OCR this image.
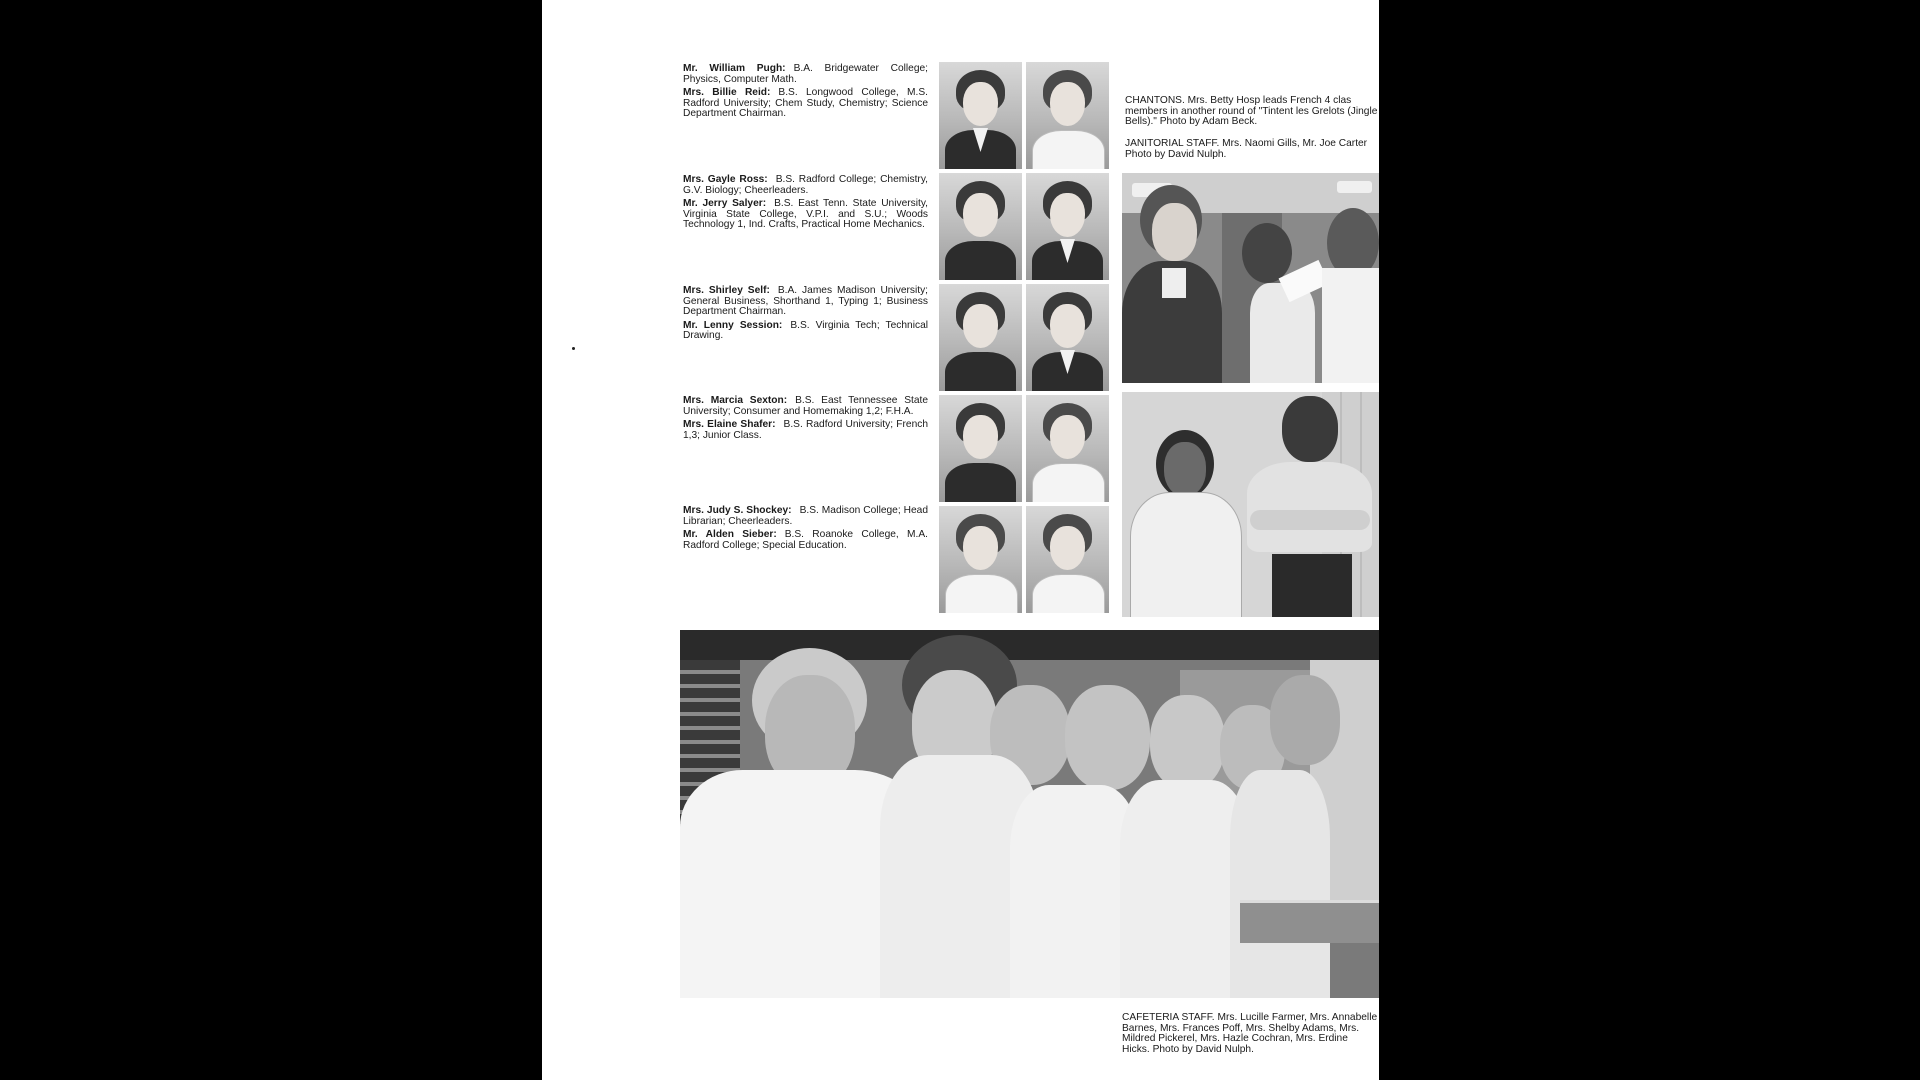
Mr. William Pugh: B.A. Bridgewater College; Physics, Computer Math.

Mrs. Billie Reid: B.S. Longwood College, M.S. Radford University; Chem Study, Chemistry; Science Department Chairman.

Mrs. Gayle Ross: B.S. Radford College; Chemistry, G.V. Biology; Cheerleaders.

Mr. Jerry Salyer: B.S. East Tenn. State University, Virginia State College, V.P.I. and S.U.; Woods Technology 1, Ind. Crafts, Practical Home Mechanics.

Mrs. Shirley Self: B.A. James Madison University; General Business, Shorthand 1, Typing 1; Business Department Chairman.

Mr. Lenny Session: B.S. Virginia Tech; Technical Drawing.

Mrs. Marcia Sexton: B.S. East Tennessee State University; Consumer and Homemaking 1,2; F.H.A.

Mrs. Elaine Shafer: B.S. Radford University; French 1,3; Junior Class.

Mrs. Judy S. Shockey: B.S. Madison College; Head Librarian; Cheerleaders.

Mr. Alden Sieber: B.S. Roanoke College, M.A. Radford College; Special Education.

CHANTONS. Mrs. Betty Hosp leads French 4 clas
members in another round of "Tintent les Grelots (Jingle
Bells)." Photo by Adam Beck.
JANITORIAL STAFF. Mrs. Naomi Gills, Mr. Joe Carter
Photo by David Nulph.
CAFETERIA STAFF. Mrs. Lucille Farmer, Mrs. Annabelle
Barnes, Mrs. Frances Poff, Mrs. Shelby Adams, Mrs.
Mildred Pickerel, Mrs. Hazle Cochran, Mrs. Erdine
Hicks. Photo by David Nulph.
